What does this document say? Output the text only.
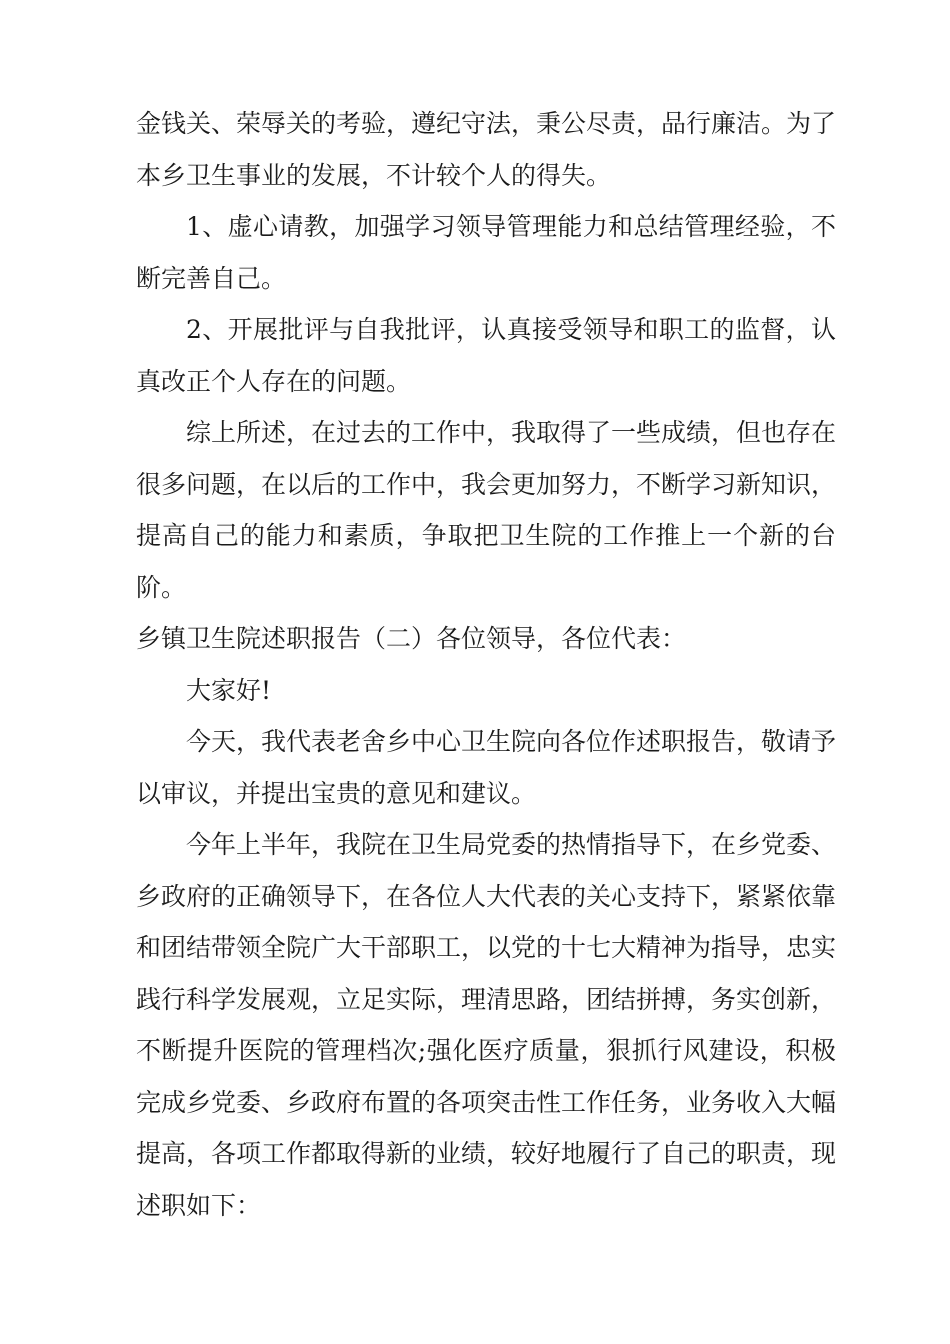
金钱关、荣辱关的考验，遵纪守法，秉公尽责，品行廉洁。为了本乡卫生事业的发展，不计较个人的得失。

1、虚心请教，加强学习领导管理能力和总结管理经验，不断完善自己。

2、开展批评与自我批评，认真接受领导和职工的监督，认真改正个人存在的问题。

综上所述，在过去的工作中，我取得了一些成绩，但也存在很多问题，在以后的工作中，我会更加努力，不断学习新知识，提高自己的能力和素质，争取把卫生院的工作推上一个新的台阶。

乡镇卫生院述职报告（二）各位领导，各位代表：

大家好!

今天，我代表老舍乡中心卫生院向各位作述职报告，敬请予以审议，并提出宝贵的意见和建议。

今年上半年，我院在卫生局党委的热情指导下，在乡党委、乡政府的正确领导下，在各位人大代表的关心支持下，紧紧依靠和团结带领全院广大干部职工，以党的十七大精神为指导，忠实践行科学发展观，立足实际，理清思路，团结拼搏，务实创新，不断提升医院的管理档次;强化医疗质量，狠抓行风建设，积极完成乡党委、乡政府布置的各项突击性工作任务，业务收入大幅提高，各项工作都取得新的业绩，较好地履行了自己的职责，现述职如下：
